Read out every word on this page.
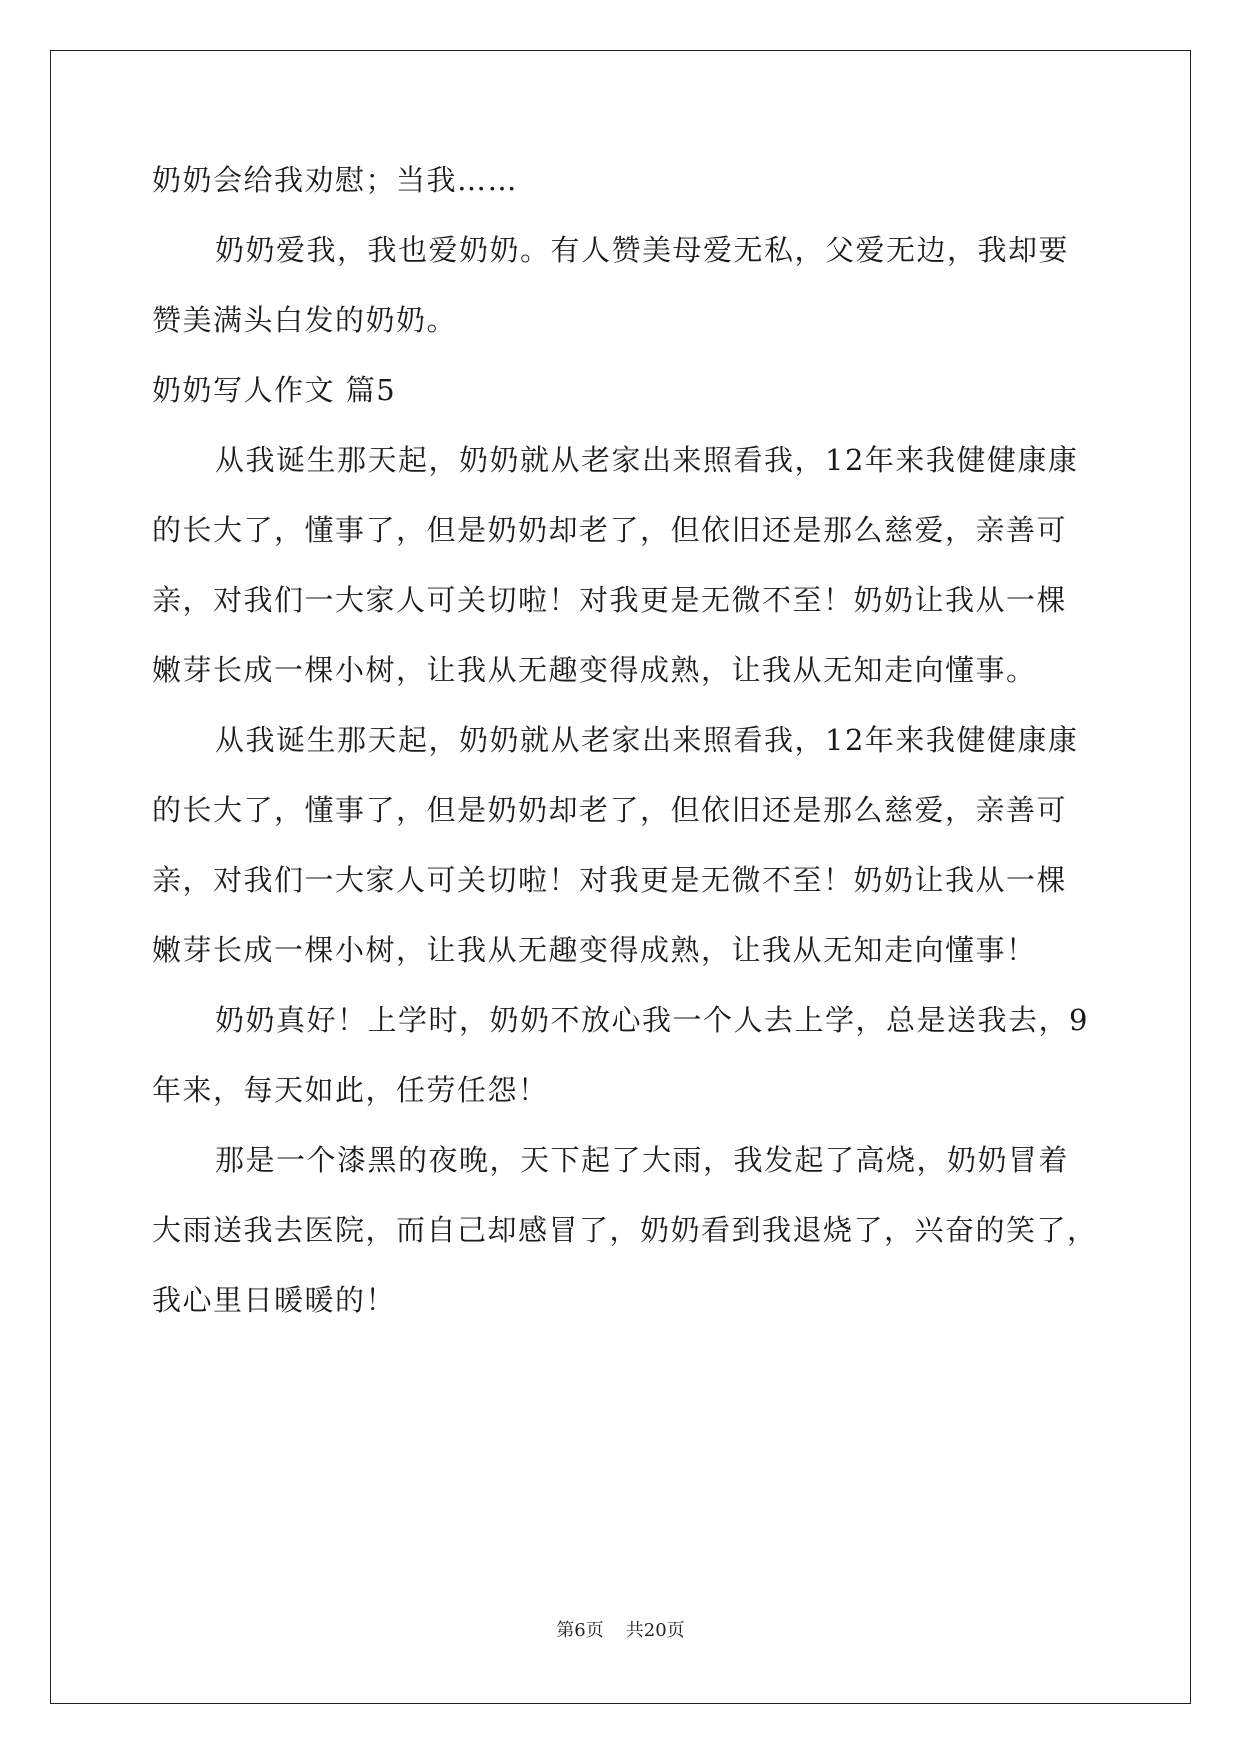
奶奶会给我劝慰；当我……
奶奶爱我，我也爱奶奶。有人赞美母爱无私，父爱无边，我却要
赞美满头白发的奶奶。
奶奶写人作文 篇5
从我诞生那天起，奶奶就从老家出来照看我，12年来我健健康康
的长大了，懂事了，但是奶奶却老了，但依旧还是那么慈爱，亲善可
亲，对我们一大家人可关切啦！对我更是无微不至！奶奶让我从一棵
嫩芽长成一棵小树，让我从无趣变得成熟，让我从无知走向懂事。
从我诞生那天起，奶奶就从老家出来照看我，12年来我健健康康
的长大了，懂事了，但是奶奶却老了，但依旧还是那么慈爱，亲善可
亲，对我们一大家人可关切啦！对我更是无微不至！奶奶让我从一棵
嫩芽长成一棵小树，让我从无趣变得成熟，让我从无知走向懂事！
奶奶真好！上学时，奶奶不放心我一个人去上学，总是送我去，9
年来，每天如此，任劳任怨！
那是一个漆黑的夜晚，天下起了大雨，我发起了高烧，奶奶冒着
大雨送我去医院，而自己却感冒了，奶奶看到我退烧了，兴奋的笑了，
我心里日暖暖的！
第6页 共20页
